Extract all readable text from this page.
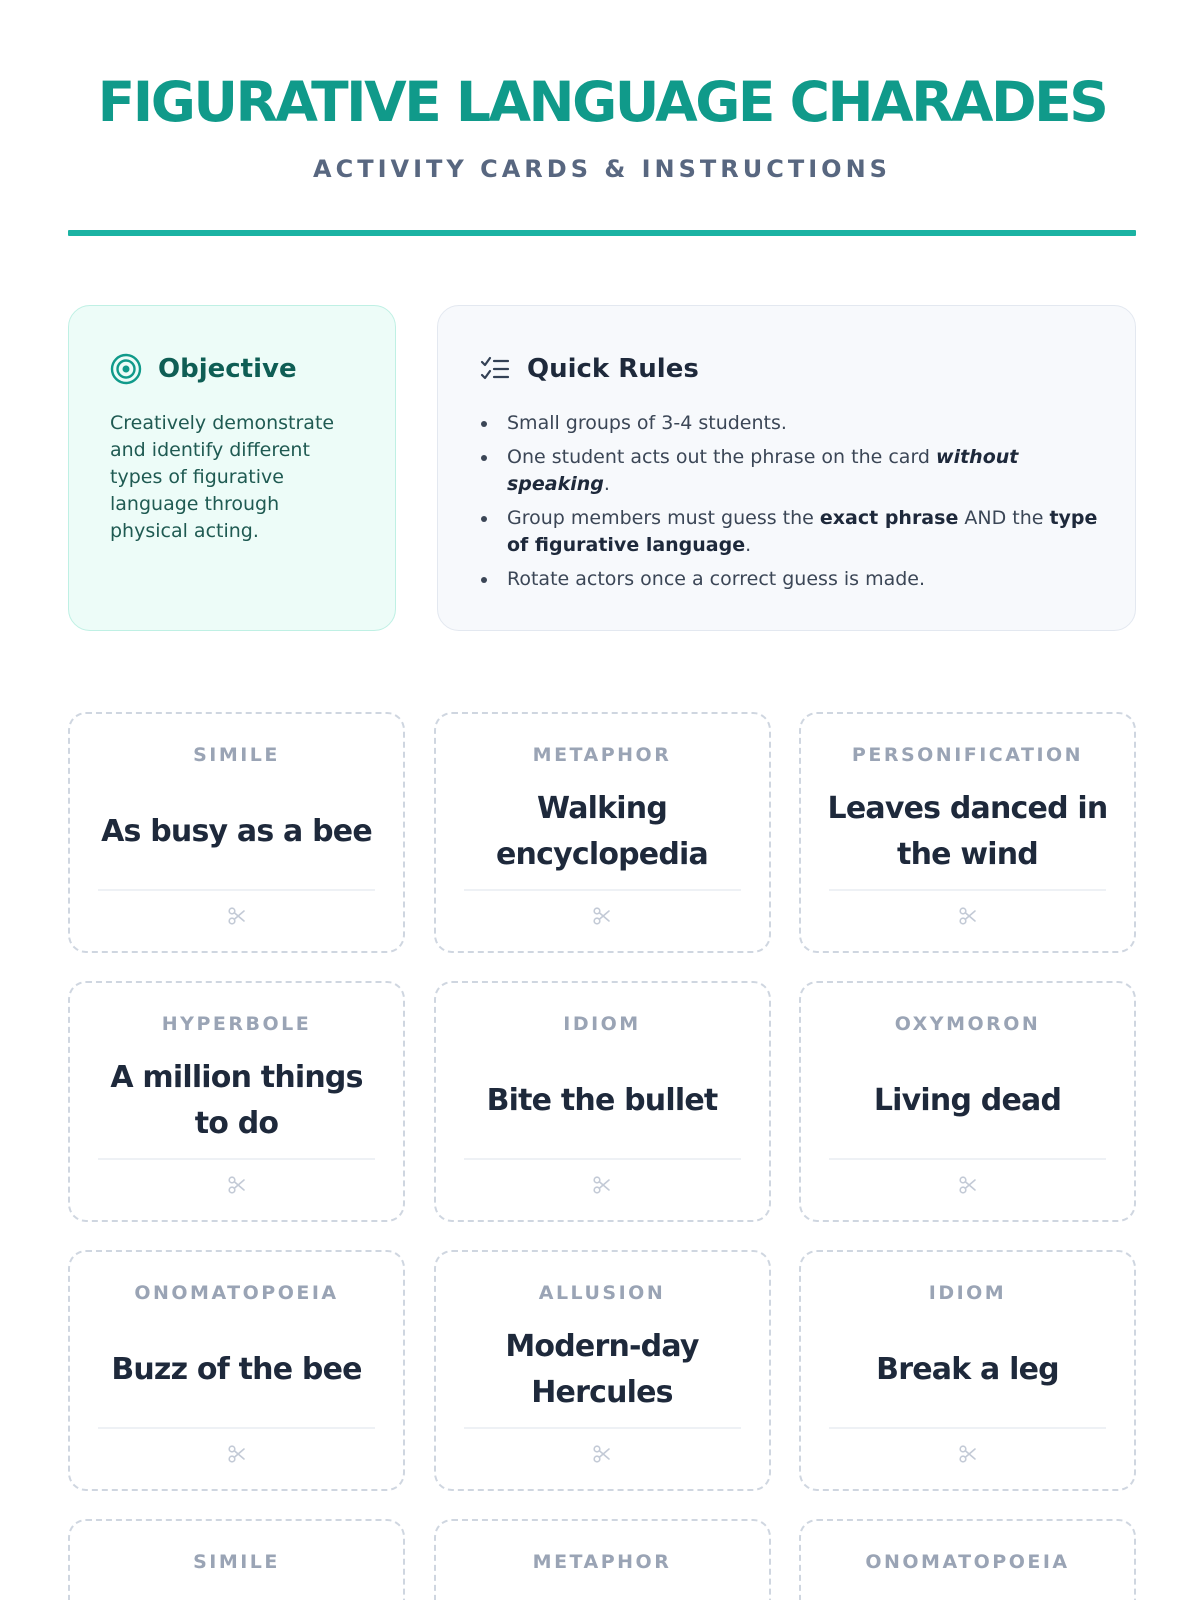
FIGURATIVE LANGUAGE CHARADES
ACTIVITY CARDS & INSTRUCTIONS
Objective

Creatively demonstrate and identify different types of figurative language through physical acting.

Quick Rules
Small groups of 3-4 students.
One student acts out the phrase on the card without speaking.
Group members must guess the exact phrase AND the type of figurative language.
Rotate actors once a correct guess is made.
SIMILE
As busy as a bee
METAPHOR
Walking encyclopedia
PERSONIFICATION
Leaves danced in the wind
HYPERBOLE
A million things to do
IDIOM
Bite the bullet
OXYMORON
Living dead
ONOMATOPOEIA
Buzz of the bee
ALLUSION
Modern-day Hercules
IDIOM
Break a leg
SIMILE	METAPHOR	ONOMATOPOEIA
